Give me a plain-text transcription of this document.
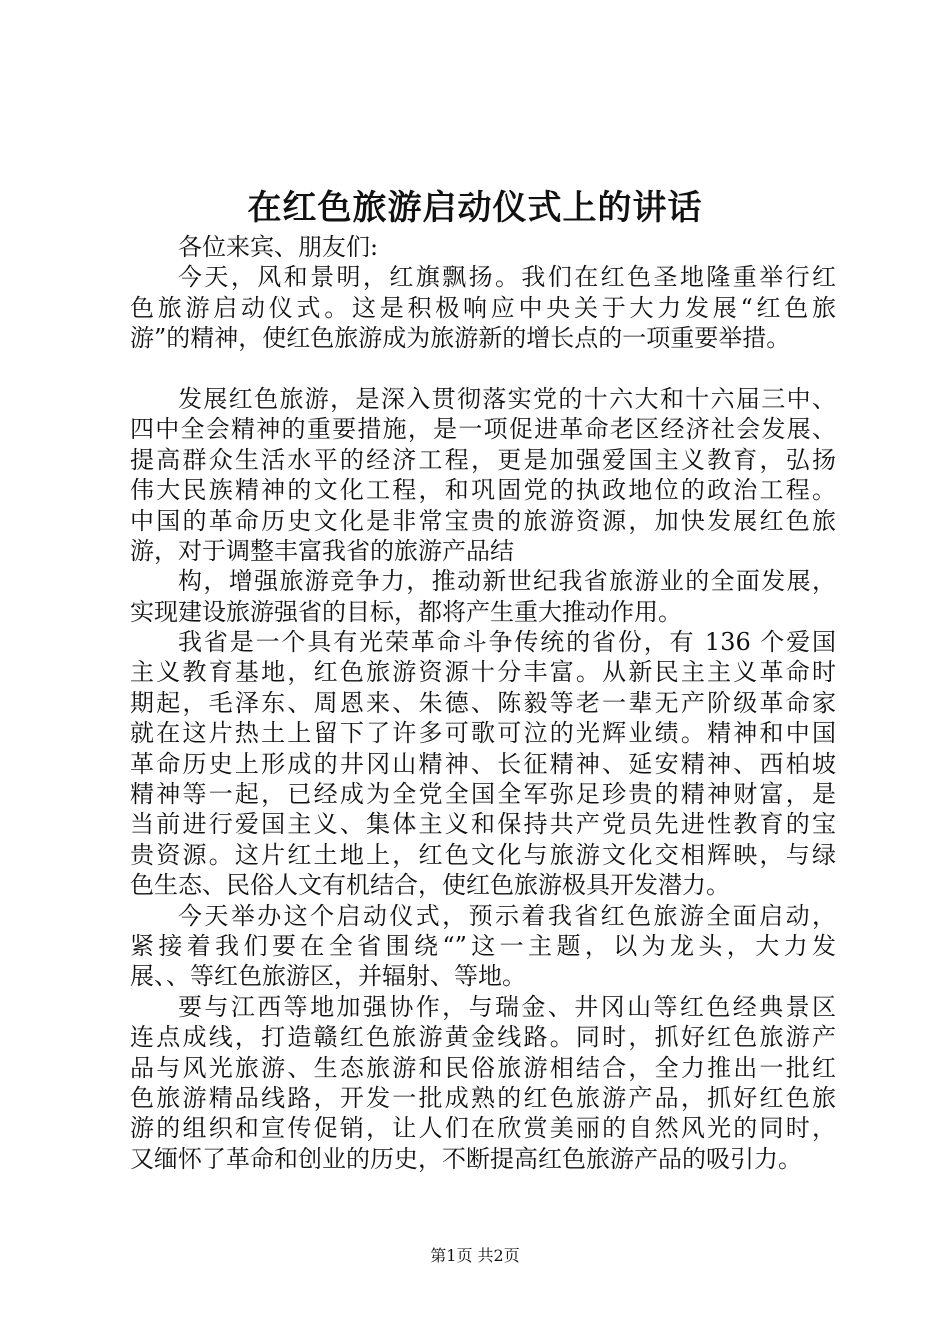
在红色旅游启动仪式上的讲话
各位来宾、朋友们:
今天，风和景明，红旗飘扬。我们在红色圣地隆重举行红
色旅游启动仪式。这是积极响应中央关于大力发展“红色旅
游”的精神，使红色旅游成为旅游新的增长点的一项重要举措。
发展红色旅游，是深入贯彻落实党的十六大和十六届三中、
四中全会精神的重要措施，是一项促进革命老区经济社会发展、
提高群众生活水平的经济工程，更是加强爱国主义教育，弘扬
伟大民族精神的文化工程，和巩固党的执政地位的政治工程。
中国的革命历史文化是非常宝贵的旅游资源，加快发展红色旅
游，对于调整丰富我省的旅游产品结
构，增强旅游竞争力，推动新世纪我省旅游业的全面发展，
实现建设旅游强省的目标，都将产生重大推动作用。
我省是一个具有光荣革命斗争传统的省份，有 136 个爱国
主义教育基地，红色旅游资源十分丰富。从新民主主义革命时
期起，毛泽东、周恩来、朱德、陈毅等老一辈无产阶级革命家
就在这片热土上留下了许多可歌可泣的光辉业绩。精神和中国
革命历史上形成的井冈山精神、长征精神、延安精神、西柏坡
精神等一起，已经成为全党全国全军弥足珍贵的精神财富，是
当前进行爱国主义、集体主义和保持共产党员先进性教育的宝
贵资源。这片红土地上，红色文化与旅游文化交相辉映，与绿
色生态、民俗人文有机结合，使红色旅游极具开发潜力。
今天举办这个启动仪式，预示着我省红色旅游全面启动，
紧接着我们要在全省围绕“”这一主题，以为龙头，大力发
展、、等红色旅游区，并辐射、等地。
要与江西等地加强协作，与瑞金、井冈山等红色经典景区
连点成线，打造赣红色旅游黄金线路。同时，抓好红色旅游产
品与风光旅游、生态旅游和民俗旅游相结合，全力推出一批红
色旅游精品线路，开发一批成熟的红色旅游产品，抓好红色旅
游的组织和宣传促销，让人们在欣赏美丽的自然风光的同时，
又缅怀了革命和创业的历史，不断提高红色旅游产品的吸引力。
第1页 共2页
